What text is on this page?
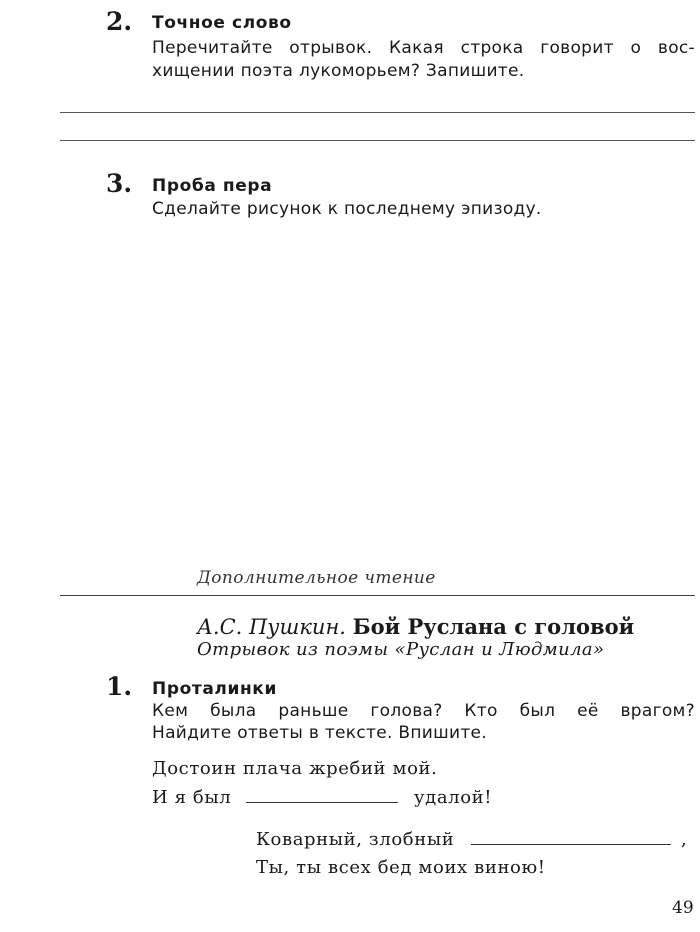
2. Точное слово
Перечитайте отрывок. Какая строка говорит о вос-
хищении поэта лукоморьем? Запишите.
3. Проба пера
Сделайте рисунок к последнему эпизоду.
Дополнительное чтение
А.С. Пушкин. Бой Руслана с головой
Отрывок из поэмы «Руслан и Людмила»
1. Проталинки
Кем была раньше голова? Кто был её врагом?
Найдите ответы в тексте. Впишите.
Достоин плача жребий мой.
И я был	удалой!
Коварный, злобный	,
Ты, ты всех бед моих виною!
49
